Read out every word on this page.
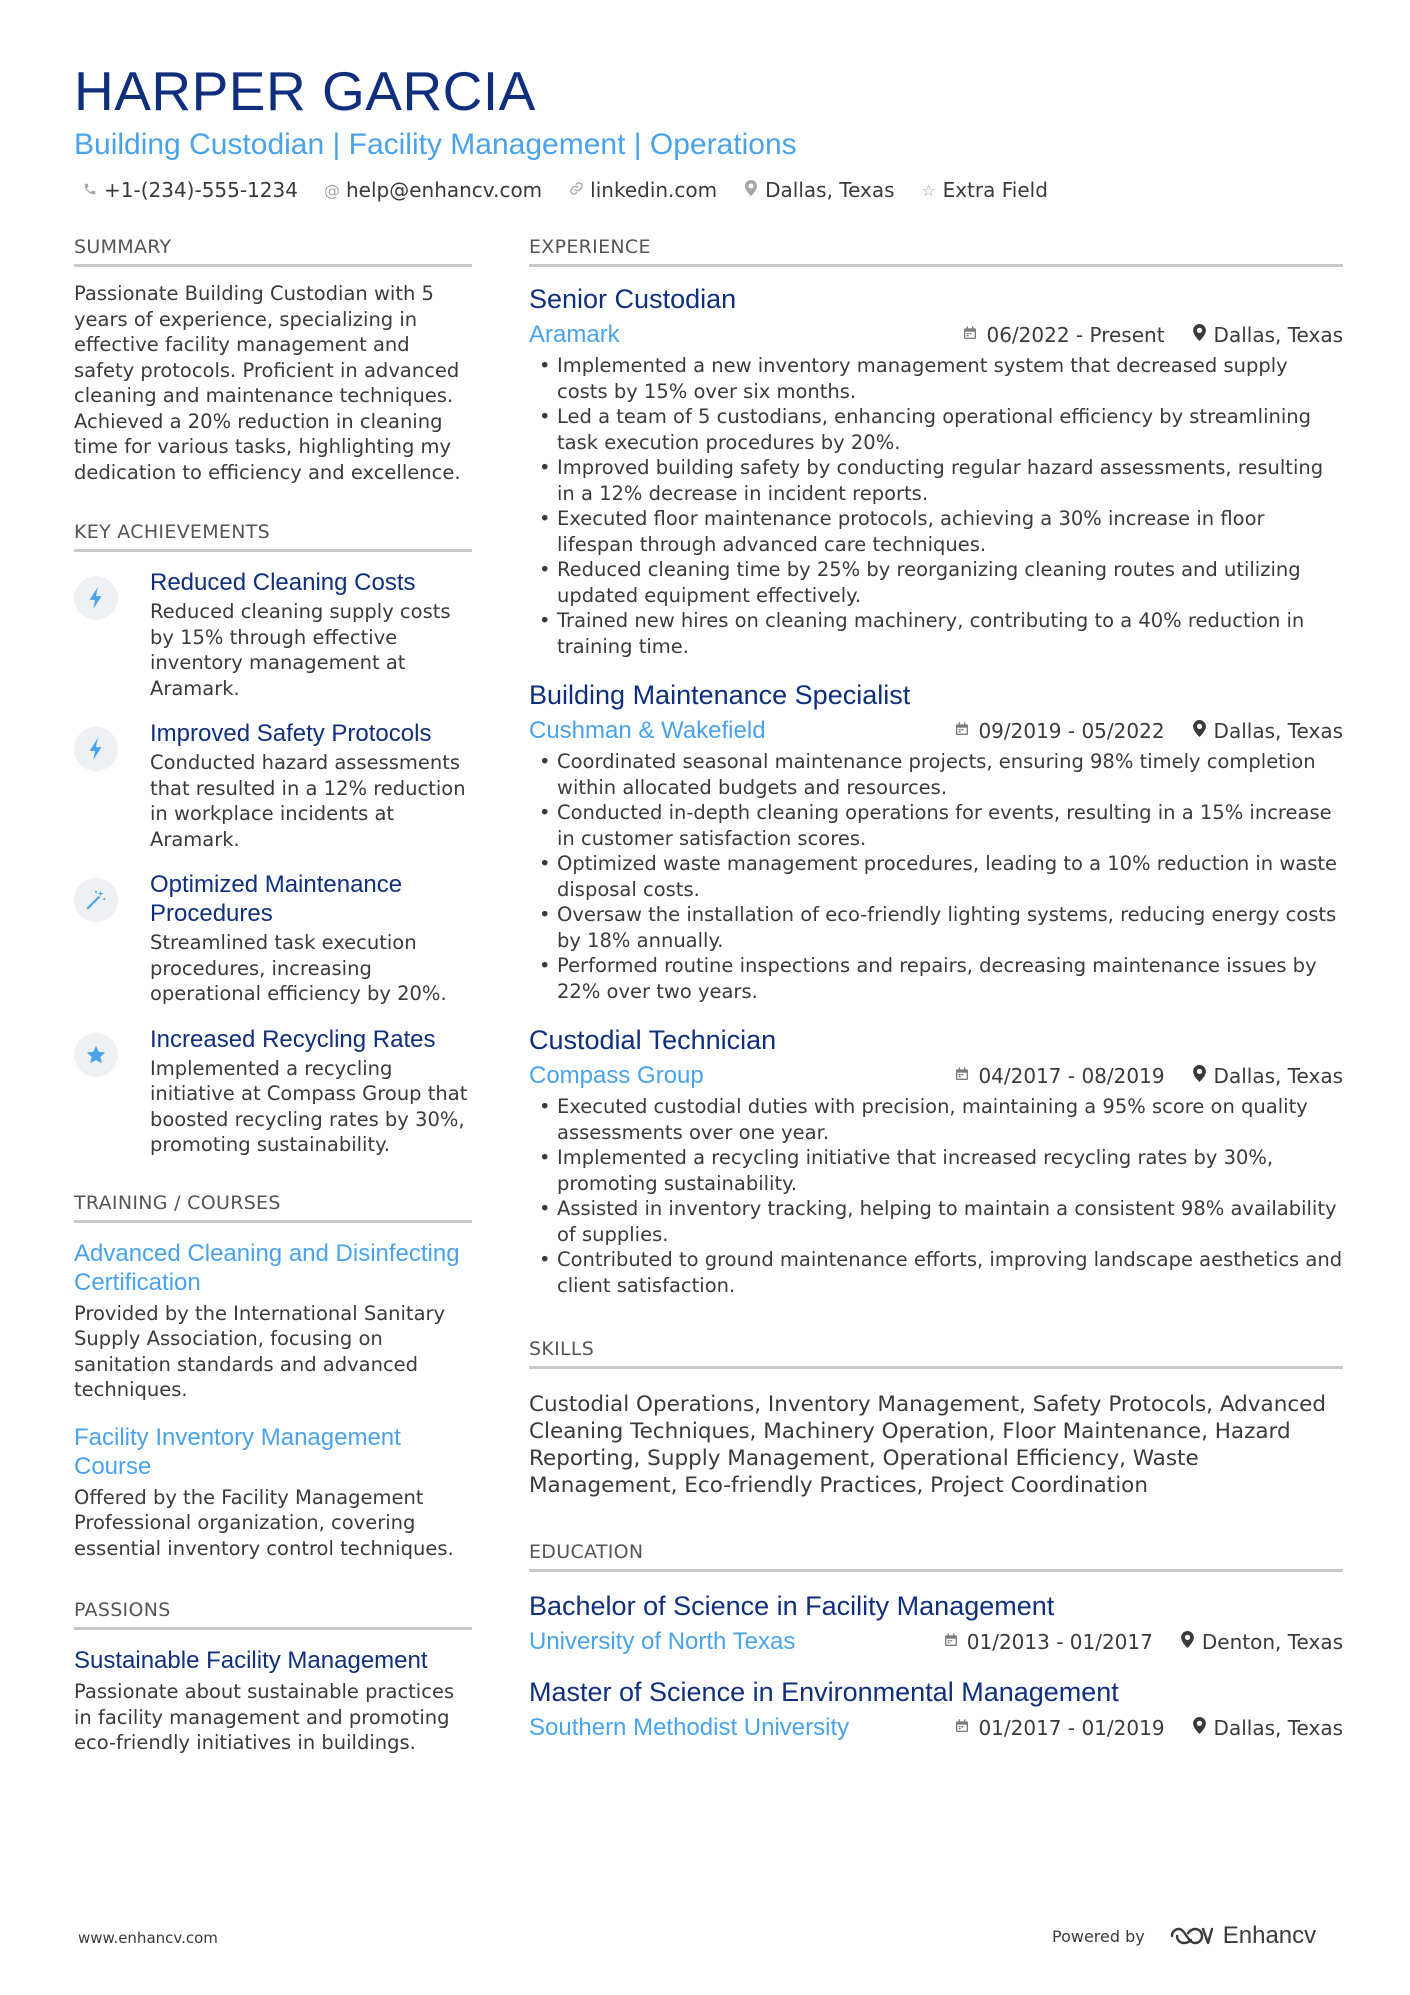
HARPER GARCIA
Building Custodian | Facility Management | Operations
+1-(234)-555-1234 @ help@enhancv.com linkedin.com Dallas, Texas ☆ Extra Field
SUMMARY
Passionate Building Custodian with 5 years of experience, specializing in effective facility management and safety protocols. Proficient in advanced cleaning and maintenance techniques. Achieved a 20% reduction in cleaning time for various tasks, highlighting my dedication to efficiency and excellence.
KEY ACHIEVEMENTS
Reduced Cleaning Costs
Reduced cleaning supply costs by 15% through effective inventory management at Aramark.
Improved Safety Protocols
Conducted hazard assessments that resulted in a 12% reduction in workplace incidents at Aramark.
Optimized Maintenance Procedures
Streamlined task execution procedures, increasing operational efficiency by 20%.
Increased Recycling Rates
Implemented a recycling initiative at Compass Group that boosted recycling rates by 30%, promoting sustainability.
TRAINING / COURSES
Advanced Cleaning and Disinfecting Certification
Provided by the International Sanitary Supply Association, focusing on sanitation standards and advanced techniques.
Facility Inventory Management Course
Offered by the Facility Management Professional organization, covering essential inventory control techniques.
PASSIONS
Sustainable Facility Management
Passionate about sustainable practices in facility management and promoting eco-friendly initiatives in buildings.
EXPERIENCE
Senior Custodian
Aramark	06/2022 - Present Dallas, Texas
• Implemented a new inventory management system that decreased supply costs by 15% over six months.
• Led a team of 5 custodians, enhancing operational efficiency by streamlining task execution procedures by 20%.
• Improved building safety by conducting regular hazard assessments, resulting in a 12% decrease in incident reports.
• Executed floor maintenance protocols, achieving a 30% increase in floor lifespan through advanced care techniques.
• Reduced cleaning time by 25% by reorganizing cleaning routes and utilizing updated equipment effectively.
• Trained new hires on cleaning machinery, contributing to a 40% reduction in training time.
Building Maintenance Specialist
Cushman & Wakefield	09/2019 - 05/2022 Dallas, Texas
• Coordinated seasonal maintenance projects, ensuring 98% timely completion within allocated budgets and resources.
• Conducted in-depth cleaning operations for events, resulting in a 15% increase in customer satisfaction scores.
• Optimized waste management procedures, leading to a 10% reduction in waste disposal costs.
• Oversaw the installation of eco-friendly lighting systems, reducing energy costs by 18% annually.
• Performed routine inspections and repairs, decreasing maintenance issues by 22% over two years.
Custodial Technician
Compass Group	04/2017 - 08/2019 Dallas, Texas
• Executed custodial duties with precision, maintaining a 95% score on quality assessments over one year.
• Implemented a recycling initiative that increased recycling rates by 30%, promoting sustainability.
• Assisted in inventory tracking, helping to maintain a consistent 98% availability of supplies.
• Contributed to ground maintenance efforts, improving landscape aesthetics and client satisfaction.
SKILLS
Custodial Operations, Inventory Management, Safety Protocols, Advanced Cleaning Techniques, Machinery Operation, Floor Maintenance, Hazard Reporting, Supply Management, Operational Efficiency, Waste Management, Eco-friendly Practices, Project Coordination
EDUCATION
Bachelor of Science in Facility Management
University of North Texas	01/2013 - 01/2017 Denton, Texas
Master of Science in Environmental Management
Southern Methodist University	01/2017 - 01/2019 Dallas, Texas
www.enhancv.com	Powered by	Enhancv
